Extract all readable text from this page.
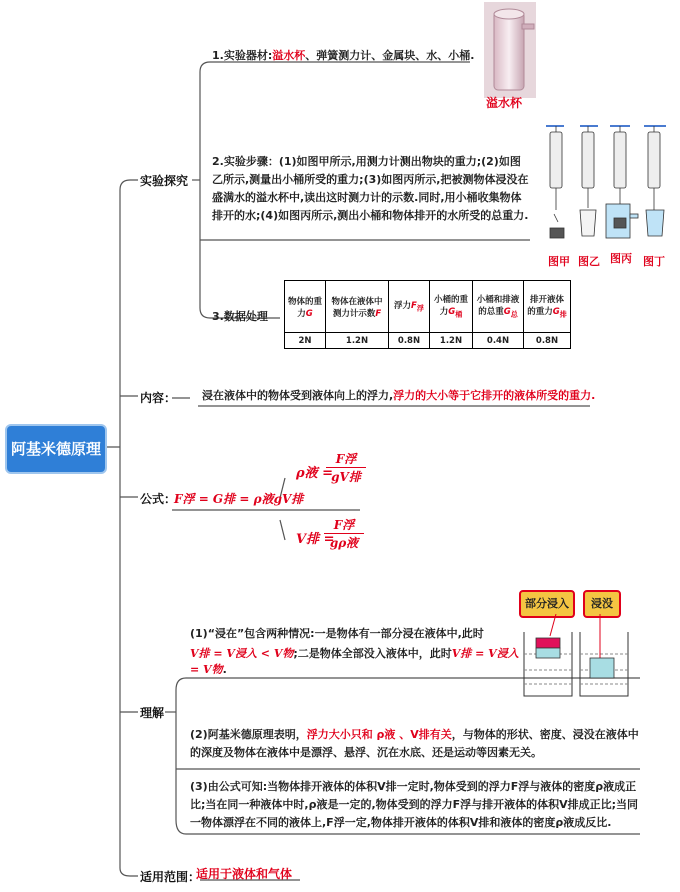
阿基米德原理
实验探究
内容：
公式：
理解
适用范围：
1.实验器材:溢水杯、弹簧测力计、金属块、水、小桶.
溢水杯
2.实验步骤：(1)如图甲所示,用测力计测出物块的重力;(2)如图乙所示,测量出小桶所受的重力;(3)如图丙所示,把被测物体浸没在盛满水的溢水杯中,读出这时测力计的示数.同时,用小桶收集物体排开的水;(4)如图丙所示,测出小桶和物体排开的水所受的总重力.
图甲 图乙 图丙 图丁
3.数据处理
物体的重力G	物体在液体中测力计示数F	浮力$F_浮$	小桶的重力$G_桶$	小桶和排液的总重$G_总$	排开液体的重力$G_排$
2N	1.2N	0.8N	1.2N	0.4N	0.8N
浸在液体中的物体受到液体向上的浮力,浮力的大小等于它排开的液体所受的重力.
F浮 = G排 = ρ液gV排
ρ液 =
F浮
gV排
V排 =
F浮
gρ液
部分浸入	浸没
(1)“浸在”包含两种情况:一是物体有一部分浸在液体中,此时
V排 = V浸入 < V物;二是物体全部没入液体中，此时V排 = V浸入 = V物.
(2)阿基米德原理表明，浮力大小只和 ρ液 、V排有关，与物体的形状、密度、浸没在液体中的深度及物体在液体中是漂浮、悬浮、沉在水底、还是运动等因素无关。
(3)由公式可知:当物体排开液体的体积V排一定时,物体受到的浮力F浮与液体的密度ρ液成正比;当在同一种液体中时,ρ液是一定的,物体受到的浮力F浮与排开液体的体积V排成正比;当同一物体漂浮在不同的液体上,F浮一定,物体排开液体的体积V排和液体的密度ρ液成反比.
适用于液体和气体
